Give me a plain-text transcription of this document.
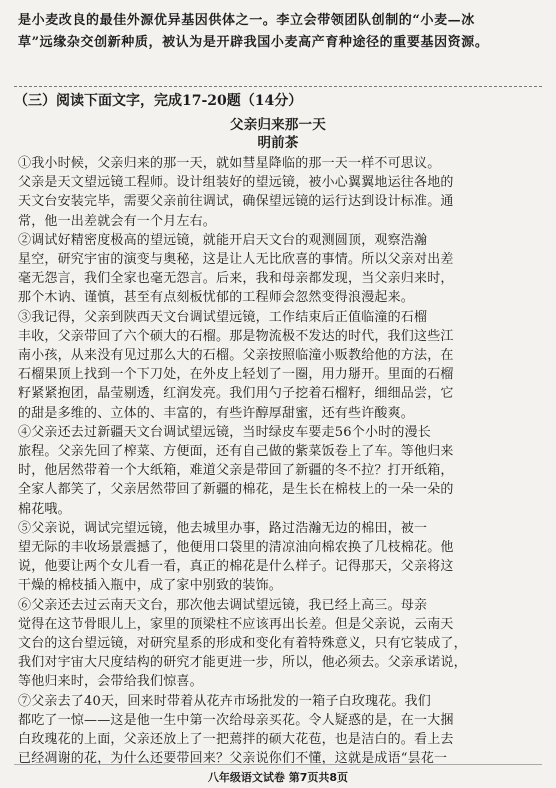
是小麦改良的最佳外源优异基因供体之一。李立会带领团队创制的“小麦—冰
草”远缘杂交创新种质，被认为是开辟我国小麦高产育种途径的重要基因资源。
（三）阅读下面文字，完成17-20题（14分）
父亲归来那一天
明前茶
①我小时候，父亲归来的那一天，就如彗星降临的那一天一样不可思议。
父亲是天文望远镜工程师。设计组装好的望远镜，被小心翼翼地运往各地的
天文台安装完毕，需要父亲前往调试，确保望远镜的运行达到设计标准。通
常，他一出差就会有一个月左右。
②调试好精密度极高的望远镜，就能开启天文台的观测圆顶，观察浩瀚
星空，研究宇宙的演变与奥秘，这是让人无比欣喜的事情。所以父亲对出差
毫无怨言，我们全家也毫无怨言。后来，我和母亲都发现，当父亲归来时，
那个木讷、谨慎，甚至有点刻板忧郁的工程师会忽然变得浪漫起来。
③我记得，父亲到陕西天文台调试望远镜，工作结束后正值临潼的石榴
丰收，父亲带回了六个硕大的石榴。那是物流极不发达的时代，我们这些江
南小孩，从来没有见过那么大的石榴。父亲按照临潼小贩教给他的方法，在
石榴果顶上找到一个下刀处，在外皮上轻划了一圈，用力掰开。里面的石榴
籽紧紧抱团，晶莹剔透，红润发亮。我们用勺子挖着石榴籽，细细品尝，它
的甜是多维的、立体的、丰富的，有些许醇厚甜蜜，还有些许酸爽。
④父亲还去过新疆天文台调试望远镜，当时绿皮车要走56个小时的漫长
旅程。父亲先回了榨菜、方便面，还有自己做的紫菜饭卷上了车。等他归来
时，他居然带着一个大纸箱，难道父亲是带回了新疆的冬不拉？打开纸箱，
全家人都笑了，父亲居然带回了新疆的棉花，是生长在棉枝上的一朵一朵的
棉花哦。
⑤父亲说，调试完望远镜，他去城里办事，路过浩瀚无边的棉田，被一
望无际的丰收场景震撼了，他便用口袋里的清凉油向棉农换了几枝棉花。他
说，他要让两个女儿看一看，真正的棉花是什么样子。记得那天，父亲将这
干燥的棉枝插入瓶中，成了家中别致的装饰。
⑥父亲还去过云南天文台，那次他去调试望远镜，我已经上高三。母亲
觉得在这节骨眼儿上，家里的顶梁柱不应该再出长差。但是父亲说，云南天
文台的这台望远镜，对研究星系的形成和变化有着特殊意义，只有它装成了，
我们对宇宙大尺度结构的研究才能更进一步，所以，他必须去。父亲承诺说，
等他归来时，会带给我们惊喜。
⑦父亲去了40天，回来时带着从花卉市场批发的一箱子白玫瑰花。我们
都吃了一惊——这是他一生中第一次给母亲买花。令人疑惑的是，在一大捆
白玫瑰花的上面，父亲还放上了一把蔫拌的硕大花苞，也是洁白的。看上去
已经凋谢的花，为什么还要带回来？父亲说你们不懂，这就是成语“昙花一
八年级语文试卷 第7页共8页
